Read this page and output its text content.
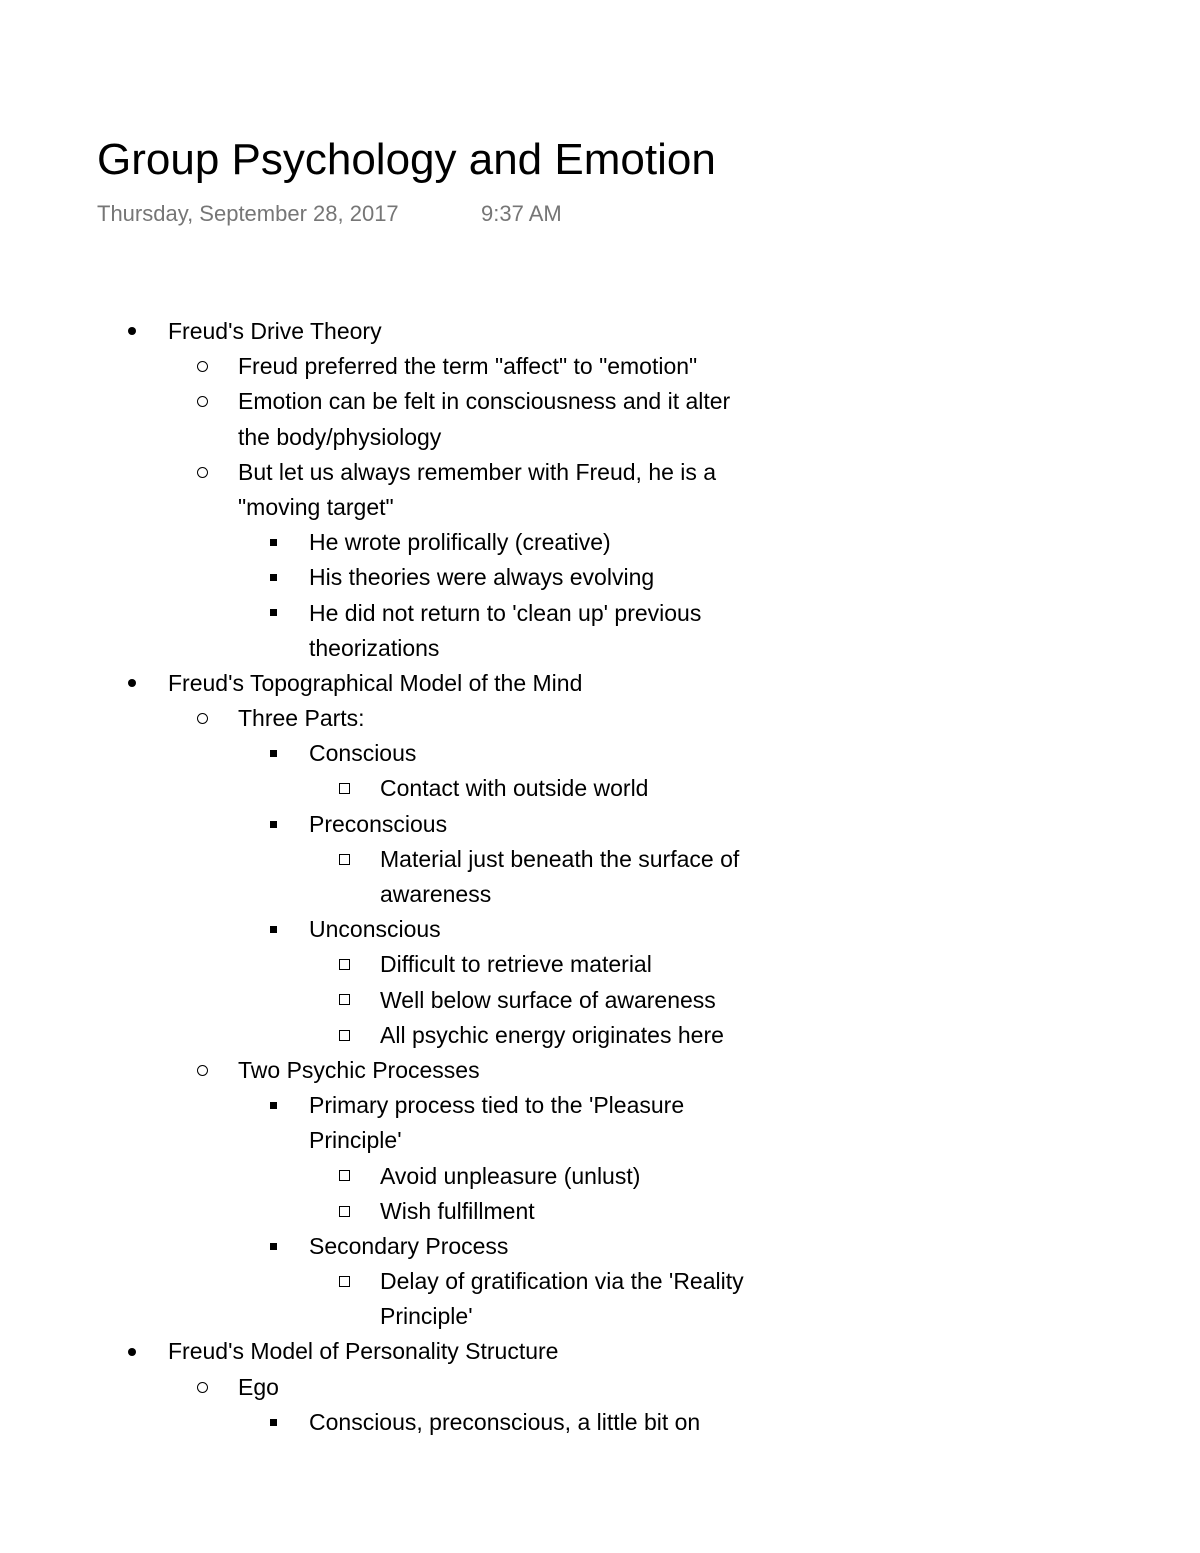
Group Psychology and Emotion
Thursday, September 28, 2017	9:37 AM
Freud's Drive Theory
Freud preferred the term "affect" to "emotion"
Emotion can be felt in consciousness and it alter
the body/physiology
But let us always remember with Freud, he is a
"moving target"
He wrote prolifically (creative)
His theories were always evolving
He did not return to 'clean up' previous
theorizations
Freud's Topographical Model of the Mind
Three Parts:
Conscious
Contact with outside world
Preconscious
Material just beneath the surface of
awareness
Unconscious
Difficult to retrieve material
Well below surface of awareness
All psychic energy originates here
Two Psychic Processes
Primary process tied to the 'Pleasure
Principle'
Avoid unpleasure (unlust)
Wish fulfillment
Secondary Process
Delay of gratification via the 'Reality
Principle'
Freud's Model of Personality Structure
Ego
Conscious, preconscious, a little bit on
